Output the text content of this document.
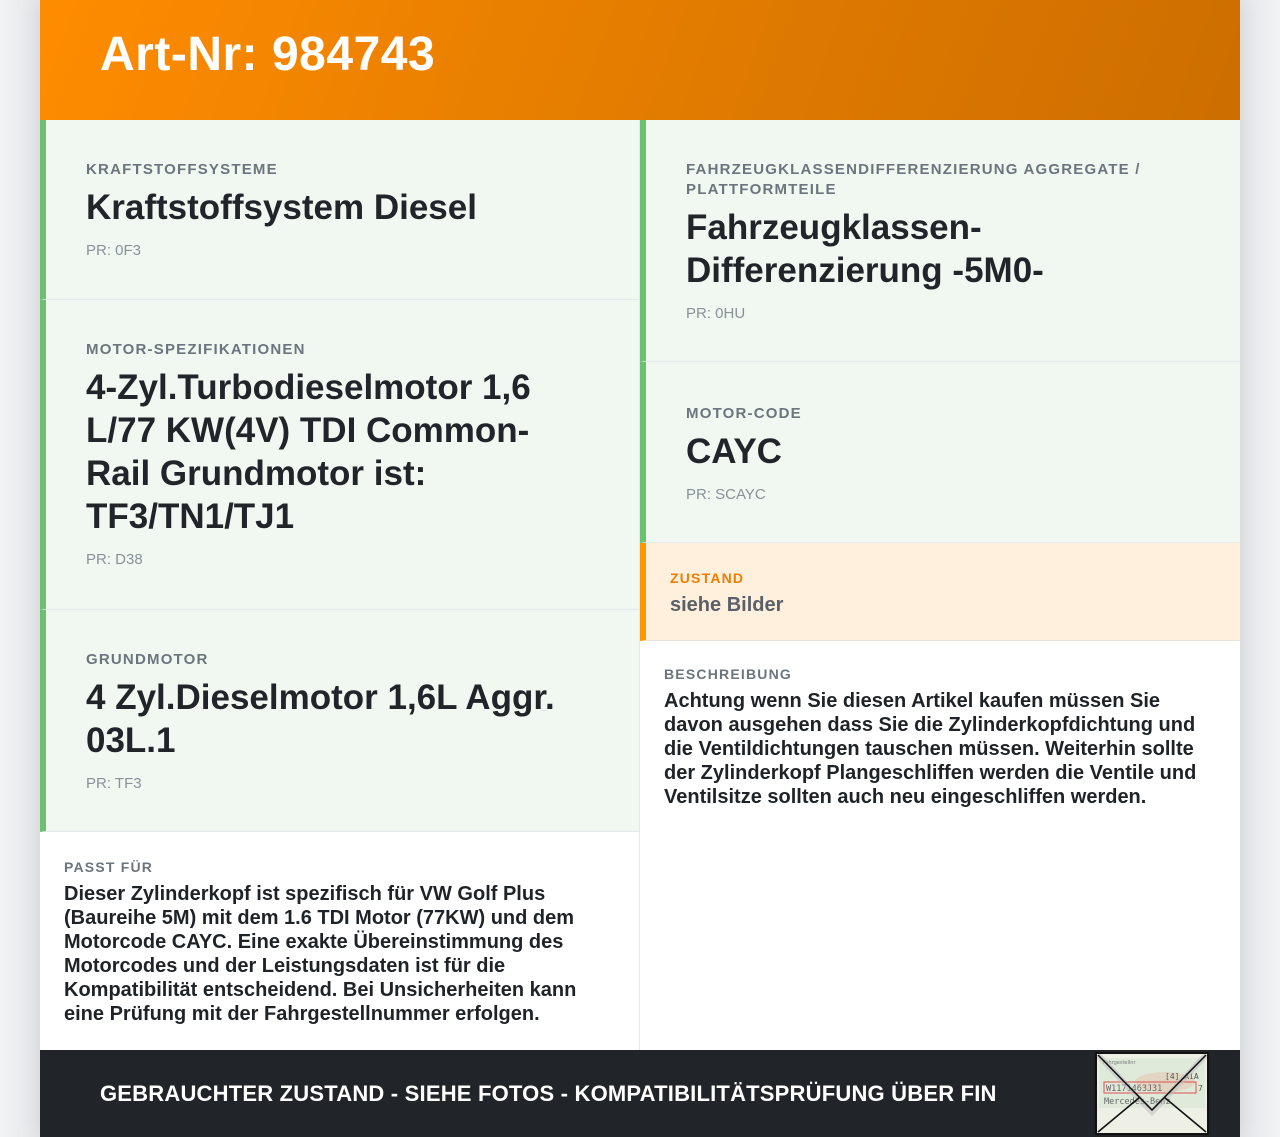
Art-Nr: 984743
KRAFTSTOFFSYSTEME
Kraftstoffsystem Diesel
PR: 0F3
MOTOR-SPEZIFIKATIONEN
4-Zyl.Turbodieselmotor 1,6 L/77 KW(4V) TDI Common-Rail Grundmotor ist: TF3/TN1/TJ1
PR: D38
GRUNDMOTOR
4 Zyl.Dieselmotor 1,6L Aggr. 03L.1
PR: TF3
PASST FÜR
Dieser Zylinderkopf ist spezifisch für VW Golf Plus (Baureihe 5M) mit dem 1.6 TDI Motor (77KW) und dem Motorcode CAYC. Eine exakte Übereinstimmung des Motorcodes und der Leistungsdaten ist für die Kompatibilität entscheidend. Bei Unsicherheiten kann eine Prüfung mit der Fahrgestellnummer erfolgen.
FAHRZEUGKLASSENDIFFERENZIERUNG AGGREGATE / PLATTFORMTEILE
Fahrzeugklassen-Differenzierung -5M0-
PR: 0HU
MOTOR-CODE
CAYC
PR: SCAYC
ZUSTAND
siehe Bilder
BESCHREIBUNG
Achtung wenn Sie diesen Artikel kaufen müssen Sie davon ausgehen dass Sie die Zylinderkopfdichtung und die Ventildichtungen tauschen müssen. Weiterhin sollte der Zylinderkopf Plangeschliffen werden die Ventile und Ventilsitze sollten auch neu eingeschliffen werden.
GEBRAUCHTER ZUSTAND - SIEHE FOTOS - KOMPATIBILITÄTSPRÜFUNG ÜBER FIN
Fahrgestellnr
[4] AiA
W1171463J31	7
Mercedes-Benz
